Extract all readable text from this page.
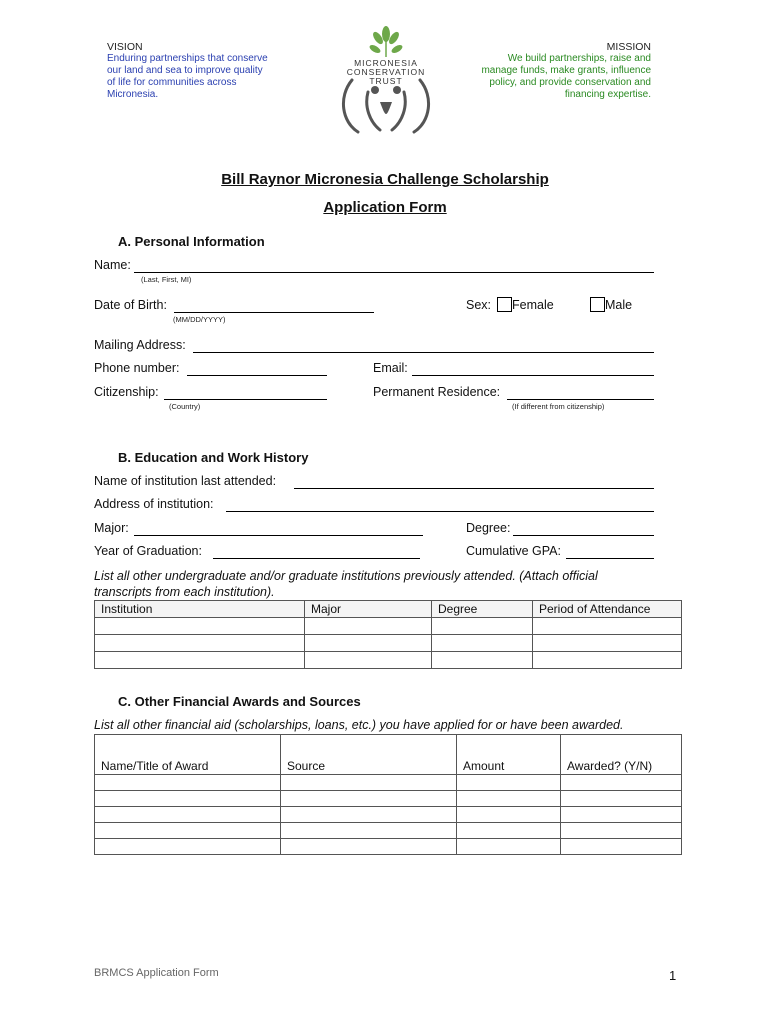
VISION
Enduring partnerships that conserve
our land and sea to improve quality
of life for communities across
Micronesia.
MICRONESIA
CONSERVATION
TRUST
MISSION
We build partnerships, raise and
manage funds, make grants, influence
policy, and provide conservation and
financing expertise.
Bill Raynor Micronesia Challenge Scholarship
Application Form
A. Personal Information
Name:
(Last, First, MI)
Date of Birth:
(MM/DD/YYYY)
Sex: Female	Male
Mailing Address:
Phone number:	Email:
Citizenship:
(Country)
Permanent Residence:
(If different from citizenship)
B. Education and Work History
Name of institution last attended:
Address of institution:
Major:	Degree:
Year of Graduation:	Cumulative GPA:
List all other undergraduate and/or graduate institutions previously attended. (Attach official
transcripts from each institution).
Institution	Major	Degree	Period of Attendance

C. Other Financial Awards and Sources
List all other financial aid (scholarships, loans, etc.) you have applied for or have been awarded.
Name/Title of Award	Source	Amount	Awarded? (Y/N)

BRMCS Application Form	1
